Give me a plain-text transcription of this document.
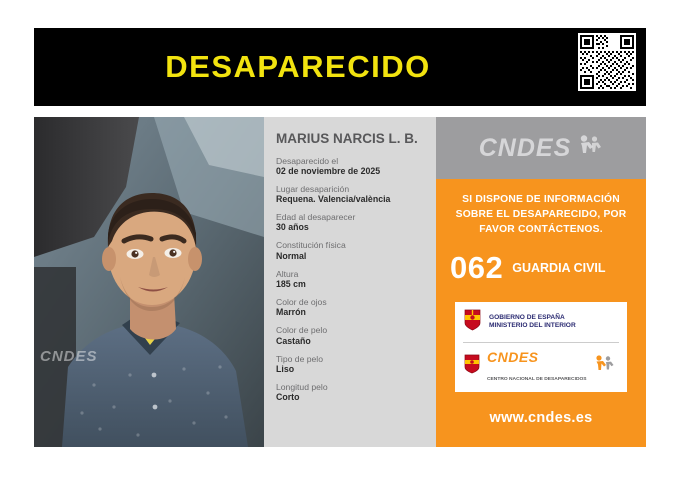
DESAPARECIDO
CNDES
MARIUS NARCIS L. B.
Desaparecido el
02 de noviembre de 2025
Lugar desaparición
Requena. Valencia/valència
Edad al desaparecer
30 años
Constitución física
Normal
Altura
185 cm
Color de ojos
Marrón
Color de pelo
Castaño
Tipo de pelo
Liso
Longitud pelo
Corto
CNDES
SI DISPONE DE INFORMACIÓN SOBRE EL DESAPARECIDO, POR FAVOR CONTÁCTENOS.
062 GUARDIA CIVIL
GOBIERNO DE ESPAÑA
MINISTERIO DEL INTERIOR
CNDES
CENTRO NACIONAL DE DESAPARECIDOS
www.cndes.es
